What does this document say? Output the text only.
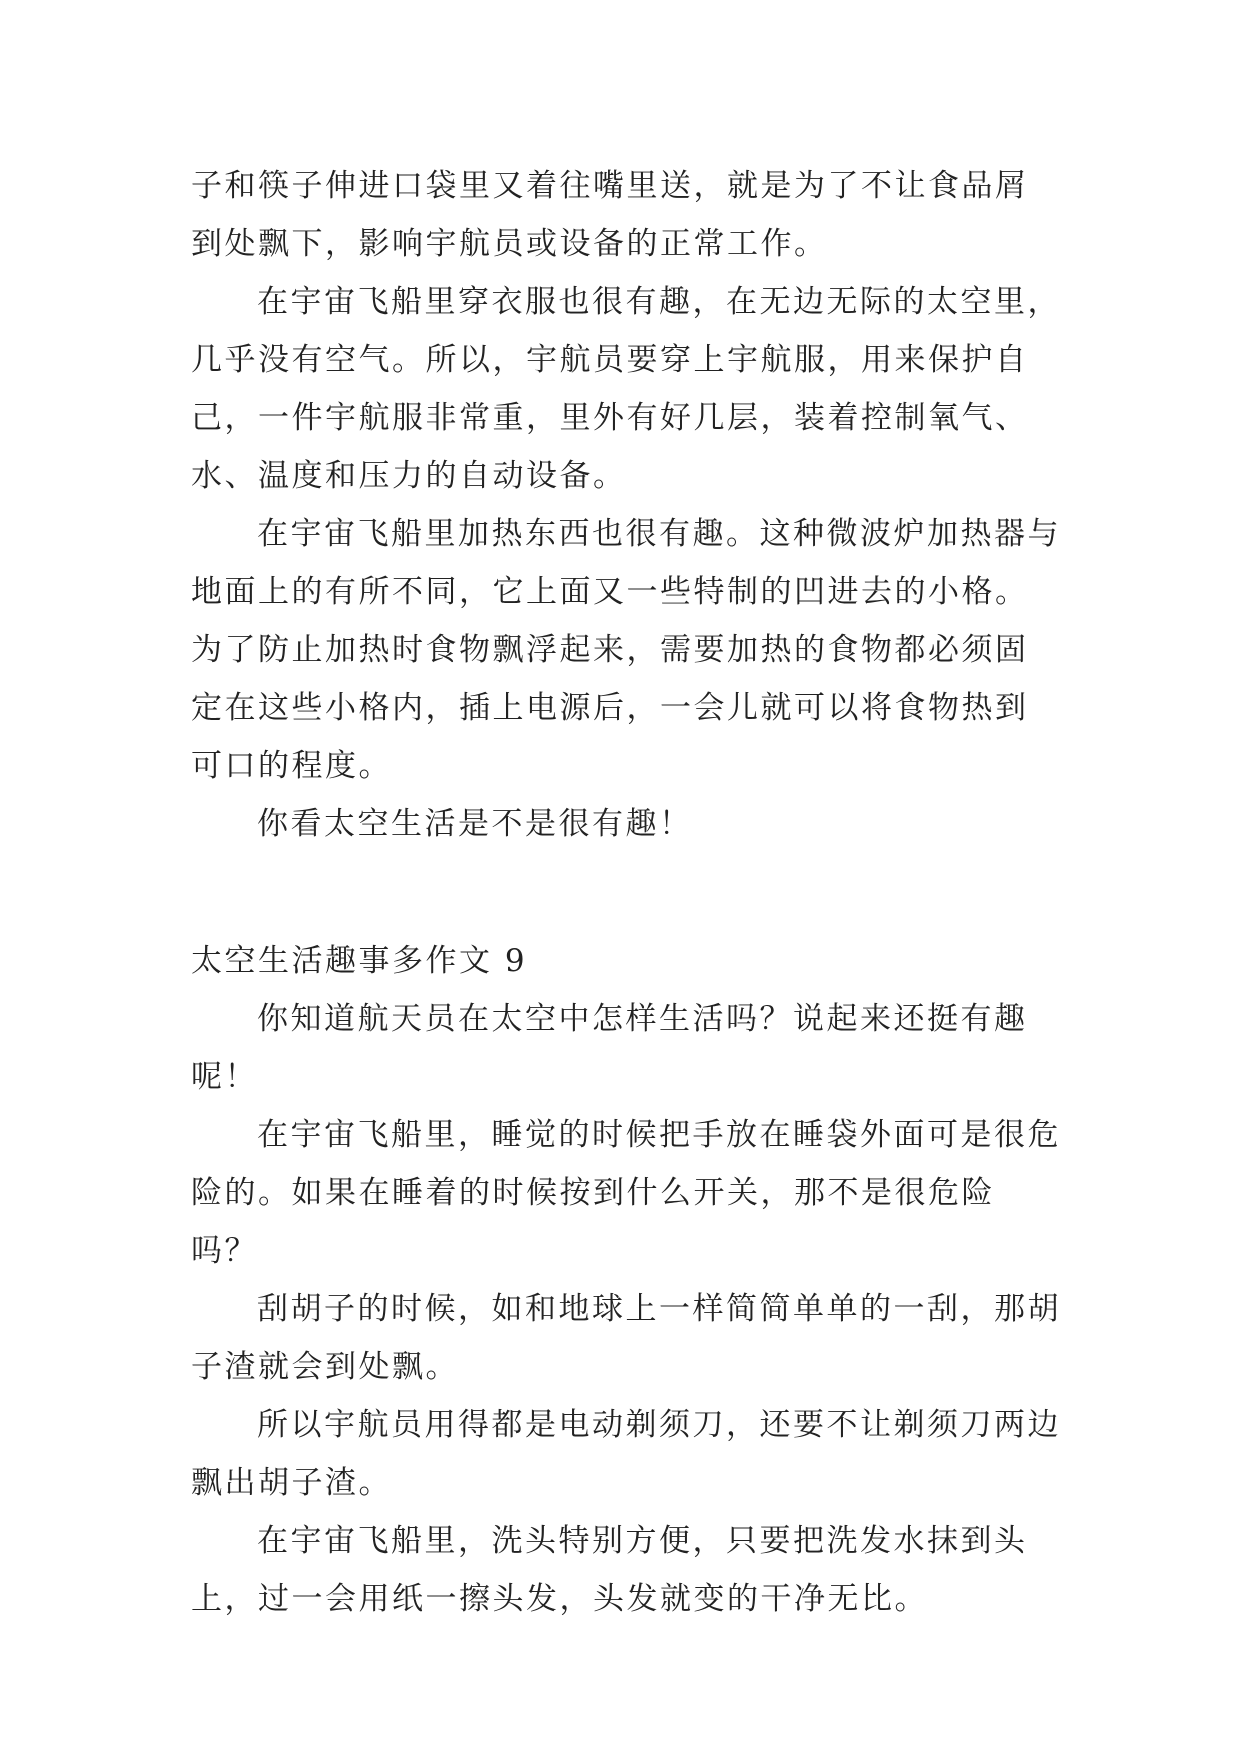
子和筷子伸进口袋里又着往嘴里送，就是为了不让食品屑到处飘下，影响宇航员或设备的正常工作。

在宇宙飞船里穿衣服也很有趣，在无边无际的太空里，几乎没有空气。所以，宇航员要穿上宇航服，用来保护自己，一件宇航服非常重，里外有好几层，装着控制氧气、水、温度和压力的自动设备。

在宇宙飞船里加热东西也很有趣。这种微波炉加热器与地面上的有所不同，它上面又一些特制的凹进去的小格。为了防止加热时食物飘浮起来，需要加热的食物都必须固定在这些小格内，插上电源后，一会儿就可以将食物热到可口的程度。

你看太空生活是不是很有趣！

太空生活趣事多作文 9

你知道航天员在太空中怎样生活吗？说起来还挺有趣呢！

在宇宙飞船里，睡觉的时候把手放在睡袋外面可是很危险的。如果在睡着的时候按到什么开关，那不是很危险吗？

刮胡子的时候，如和地球上一样简简单单的一刮，那胡子渣就会到处飘。

所以宇航员用得都是电动剃须刀，还要不让剃须刀两边飘出胡子渣。

在宇宙飞船里，洗头特别方便，只要把洗发水抹到头上，过一会用纸一擦头发，头发就变的干净无比。
